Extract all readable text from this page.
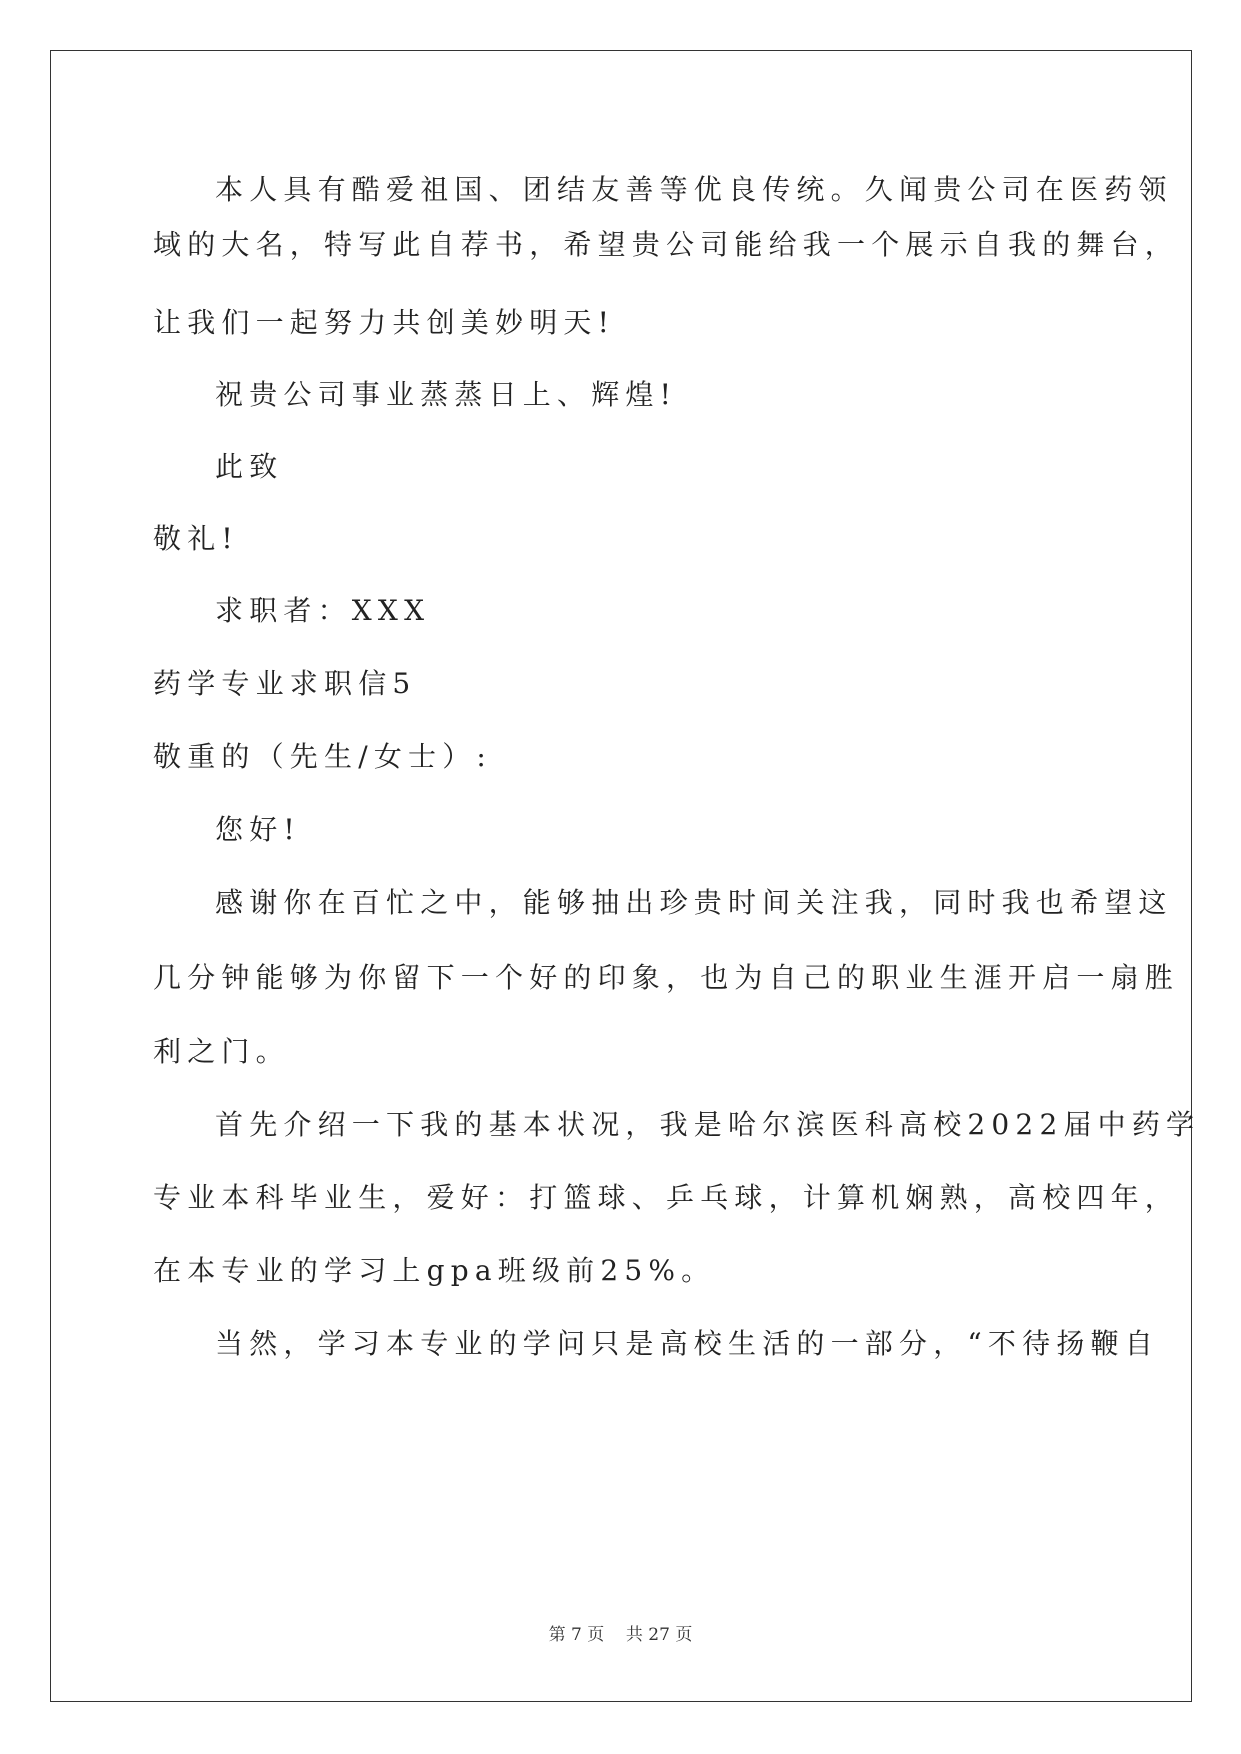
本人具有酷爱祖国、团结友善等优良传统。久闻贵公司在医药领
域的大名，特写此自荐书，希望贵公司能给我一个展示自我的舞台，
让我们一起努力共创美妙明天!
祝贵公司事业蒸蒸日上、辉煌!
此致
敬礼!
求职者：XXX
药学专业求职信5
敬重的（先生/女士）:
您好!
感谢你在百忙之中，能够抽出珍贵时间关注我，同时我也希望这
几分钟能够为你留下一个好的印象，也为自己的职业生涯开启一扇胜
利之门。
首先介绍一下我的基本状况，我是哈尔滨医科高校2022届中药学
专业本科毕业生，爱好：打篮球、乒乓球，计算机娴熟，高校四年，
在本专业的学习上gpa班级前25%。
当然，学习本专业的学问只是高校生活的一部分，“不待扬鞭自
第 7 页    共 27 页
